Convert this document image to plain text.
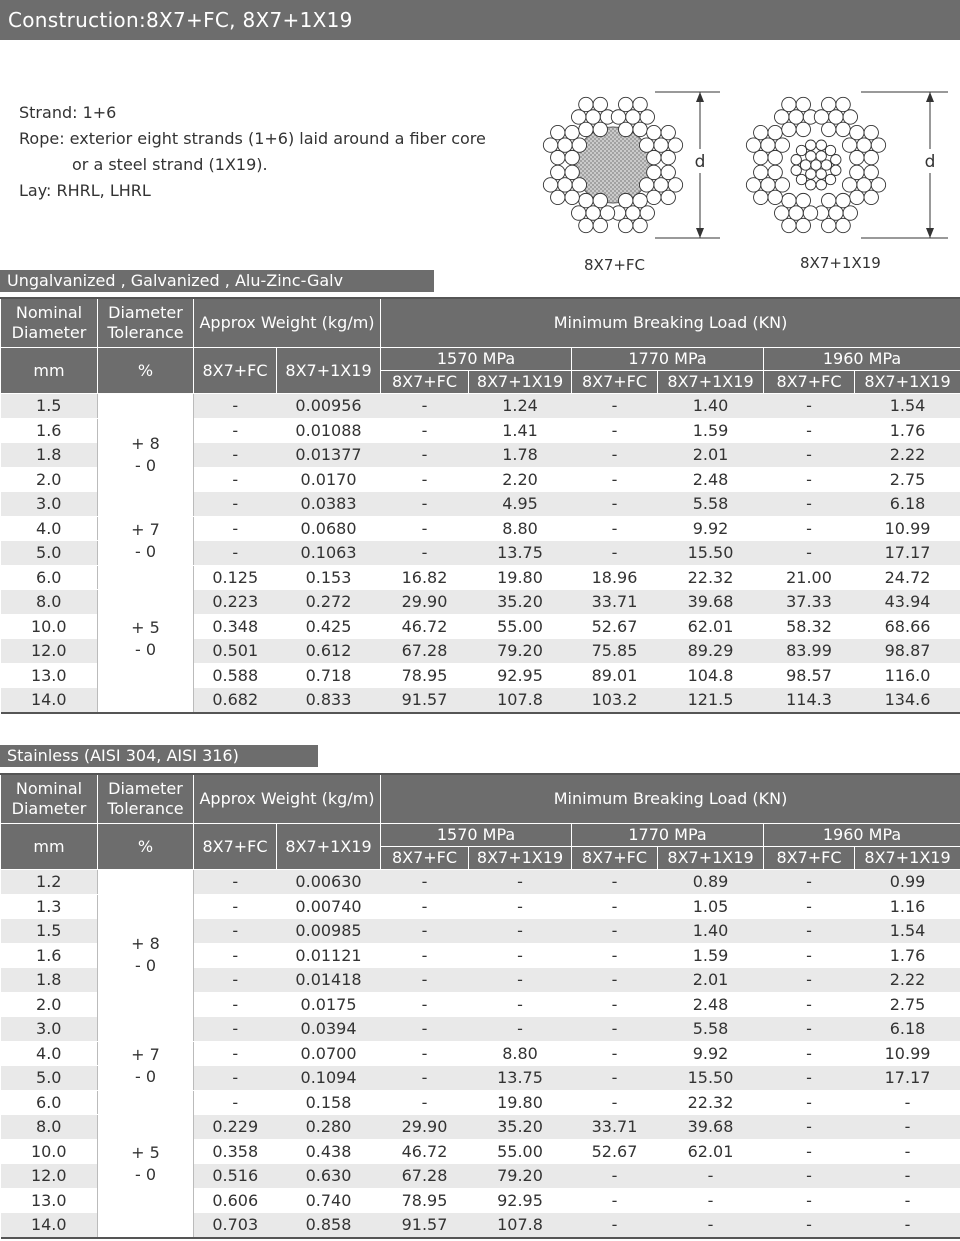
Construction:8X7+FC, 8X7+1X19
Strand: 1+6
Rope: exterior eight strands (1+6) laid around a fiber core
or a steel strand (1X19).
Lay: RHRL, LHRL
d
8X7+FC
d
8X7+1X19
Ungalvanized , Galvanized , Alu-Zinc-Galv
Nominal Diameter	Diameter Tolerance	Approx Weight (kg/m)		Minimum Breaking Load (KN)					
mm	%	8X7+FC	8X7+1X19	1570 MPa		1770 MPa		1960 MPa	
				8X7+FC	8X7+1X19	8X7+FC	8X7+1X19	8X7+FC	8X7+1X19
1.5	+ 8
- 0	-	0.00956	-	1.24	-	1.40	-	1.54
1.6		-	0.01088	-	1.41	-	1.59	-	1.76
1.8		-	0.01377	-	1.78	-	2.01	-	2.22
2.0		-	0.0170	-	2.20	-	2.48	-	2.75
3.0		-	0.0383	-	4.95	-	5.58	-	6.18
4.0	+ 7
- 0	-	0.0680	-	8.80	-	9.92	-	10.99
5.0		-	0.1063	-	13.75	-	15.50	-	17.17
6.0	+ 5
- 0	0.125	0.153	16.82	19.80	18.96	22.32	21.00	24.72
8.0		0.223	0.272	29.90	35.20	33.71	39.68	37.33	43.94
10.0		0.348	0.425	46.72	55.00	52.67	62.01	58.32	68.66
12.0		0.501	0.612	67.28	79.20	75.85	89.29	83.99	98.87
13.0		0.588	0.718	78.95	92.95	89.01	104.8	98.57	116.0
14.0		0.682	0.833	91.57	107.8	103.2	121.5	114.3	134.6
Stainless (AISI 304, AISI 316)
Nominal Diameter	Diameter Tolerance	Approx Weight (kg/m)		Minimum Breaking Load (KN)					
mm	%	8X7+FC	8X7+1X19	1570 MPa		1770 MPa		1960 MPa	
				8X7+FC	8X7+1X19	8X7+FC	8X7+1X19	8X7+FC	8X7+1X19
1.2	+ 8
- 0	-	0.00630	-	-	-	0.89	-	0.99
1.3		-	0.00740	-	-	-	1.05	-	1.16
1.5		-	0.00985	-	-	-	1.40	-	1.54
1.6		-	0.01121	-	-	-	1.59	-	1.76
1.8		-	0.01418	-	-	-	2.01	-	2.22
2.0		-	0.0175	-	-	-	2.48	-	2.75
3.0		-	0.0394	-	-	-	5.58	-	6.18
4.0	+ 7
- 0	-	0.0700	-	8.80	-	9.92	-	10.99
5.0		-	0.1094	-	13.75	-	15.50	-	17.17
6.0	+ 5
- 0	-	0.158	-	19.80	-	22.32	-	-
8.0		0.229	0.280	29.90	35.20	33.71	39.68	-	-
10.0		0.358	0.438	46.72	55.00	52.67	62.01	-	-
12.0		0.516	0.630	67.28	79.20	-	-	-	-
13.0		0.606	0.740	78.95	92.95	-	-	-	-
14.0		0.703	0.858	91.57	107.8	-	-	-	-
